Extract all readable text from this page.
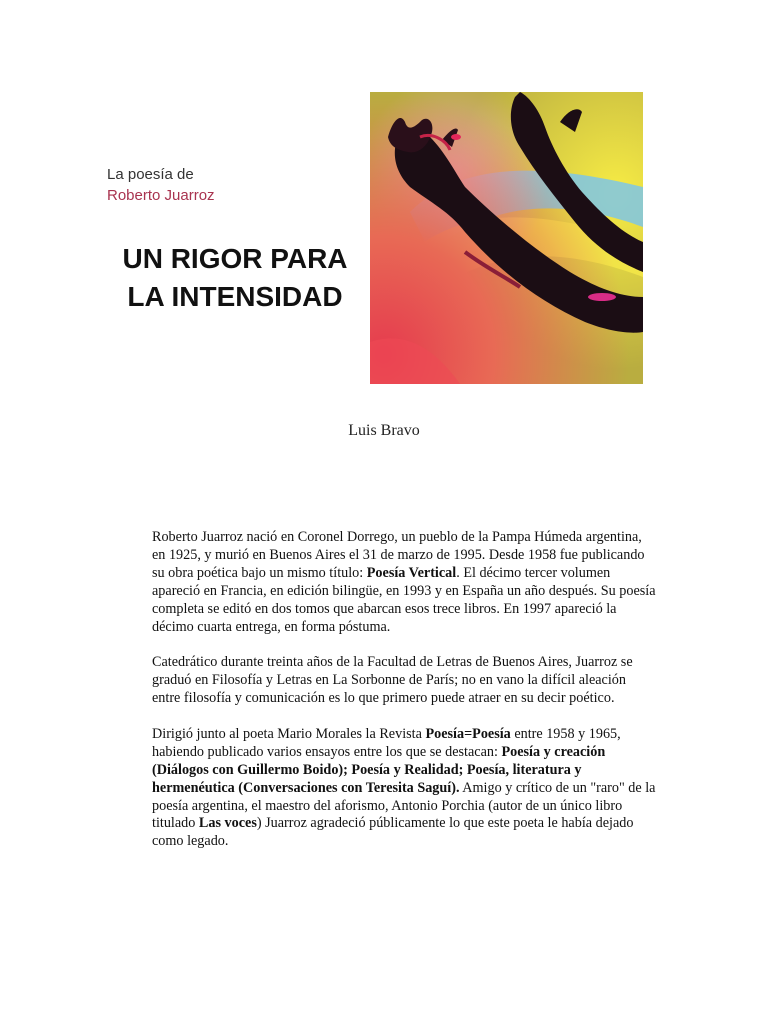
La poesía de
Roberto Juarroz
UN RIGOR PARA
LA INTENSIDAD
Luis Bravo

Roberto Juarroz nació en Coronel Dorrego, un pueblo de la Pampa Húmeda argentina, en 1925, y murió en Buenos Aires el 31 de marzo de 1995. Desde 1958 fue publicando su obra poética bajo un mismo título: Poesía Vertical. El décimo tercer volumen apareció en Francia, en edición bilingüe, en 1993 y en España un año después. Su poesía completa se editó en dos tomos que abarcan esos trece libros. En 1997 apareció la décimo cuarta entrega, en forma póstuma.

Catedrático durante treinta años de la Facultad de Letras de Buenos Aires, Juarroz se graduó en Filosofía y Letras en La Sorbonne de París; no en vano la difícil aleación entre filosofía y comunicación es lo que primero puede atraer en su decir poético.

Dirigió junto al poeta Mario Morales la Revista Poesía=Poesía entre 1958 y 1965, habiendo publicado varios ensayos entre los que se destacan: Poesía y creación (Diálogos con Guillermo Boido); Poesía y Realidad; Poesía, literatura y hermenéutica (Conversaciones con Teresita Saguí). Amigo y crítico de un "raro" de la poesía argentina, el maestro del aforismo, Antonio Porchia (autor de un único libro titulado Las voces) Juarroz agradeció públicamente lo que este poeta le había dejado como legado.
